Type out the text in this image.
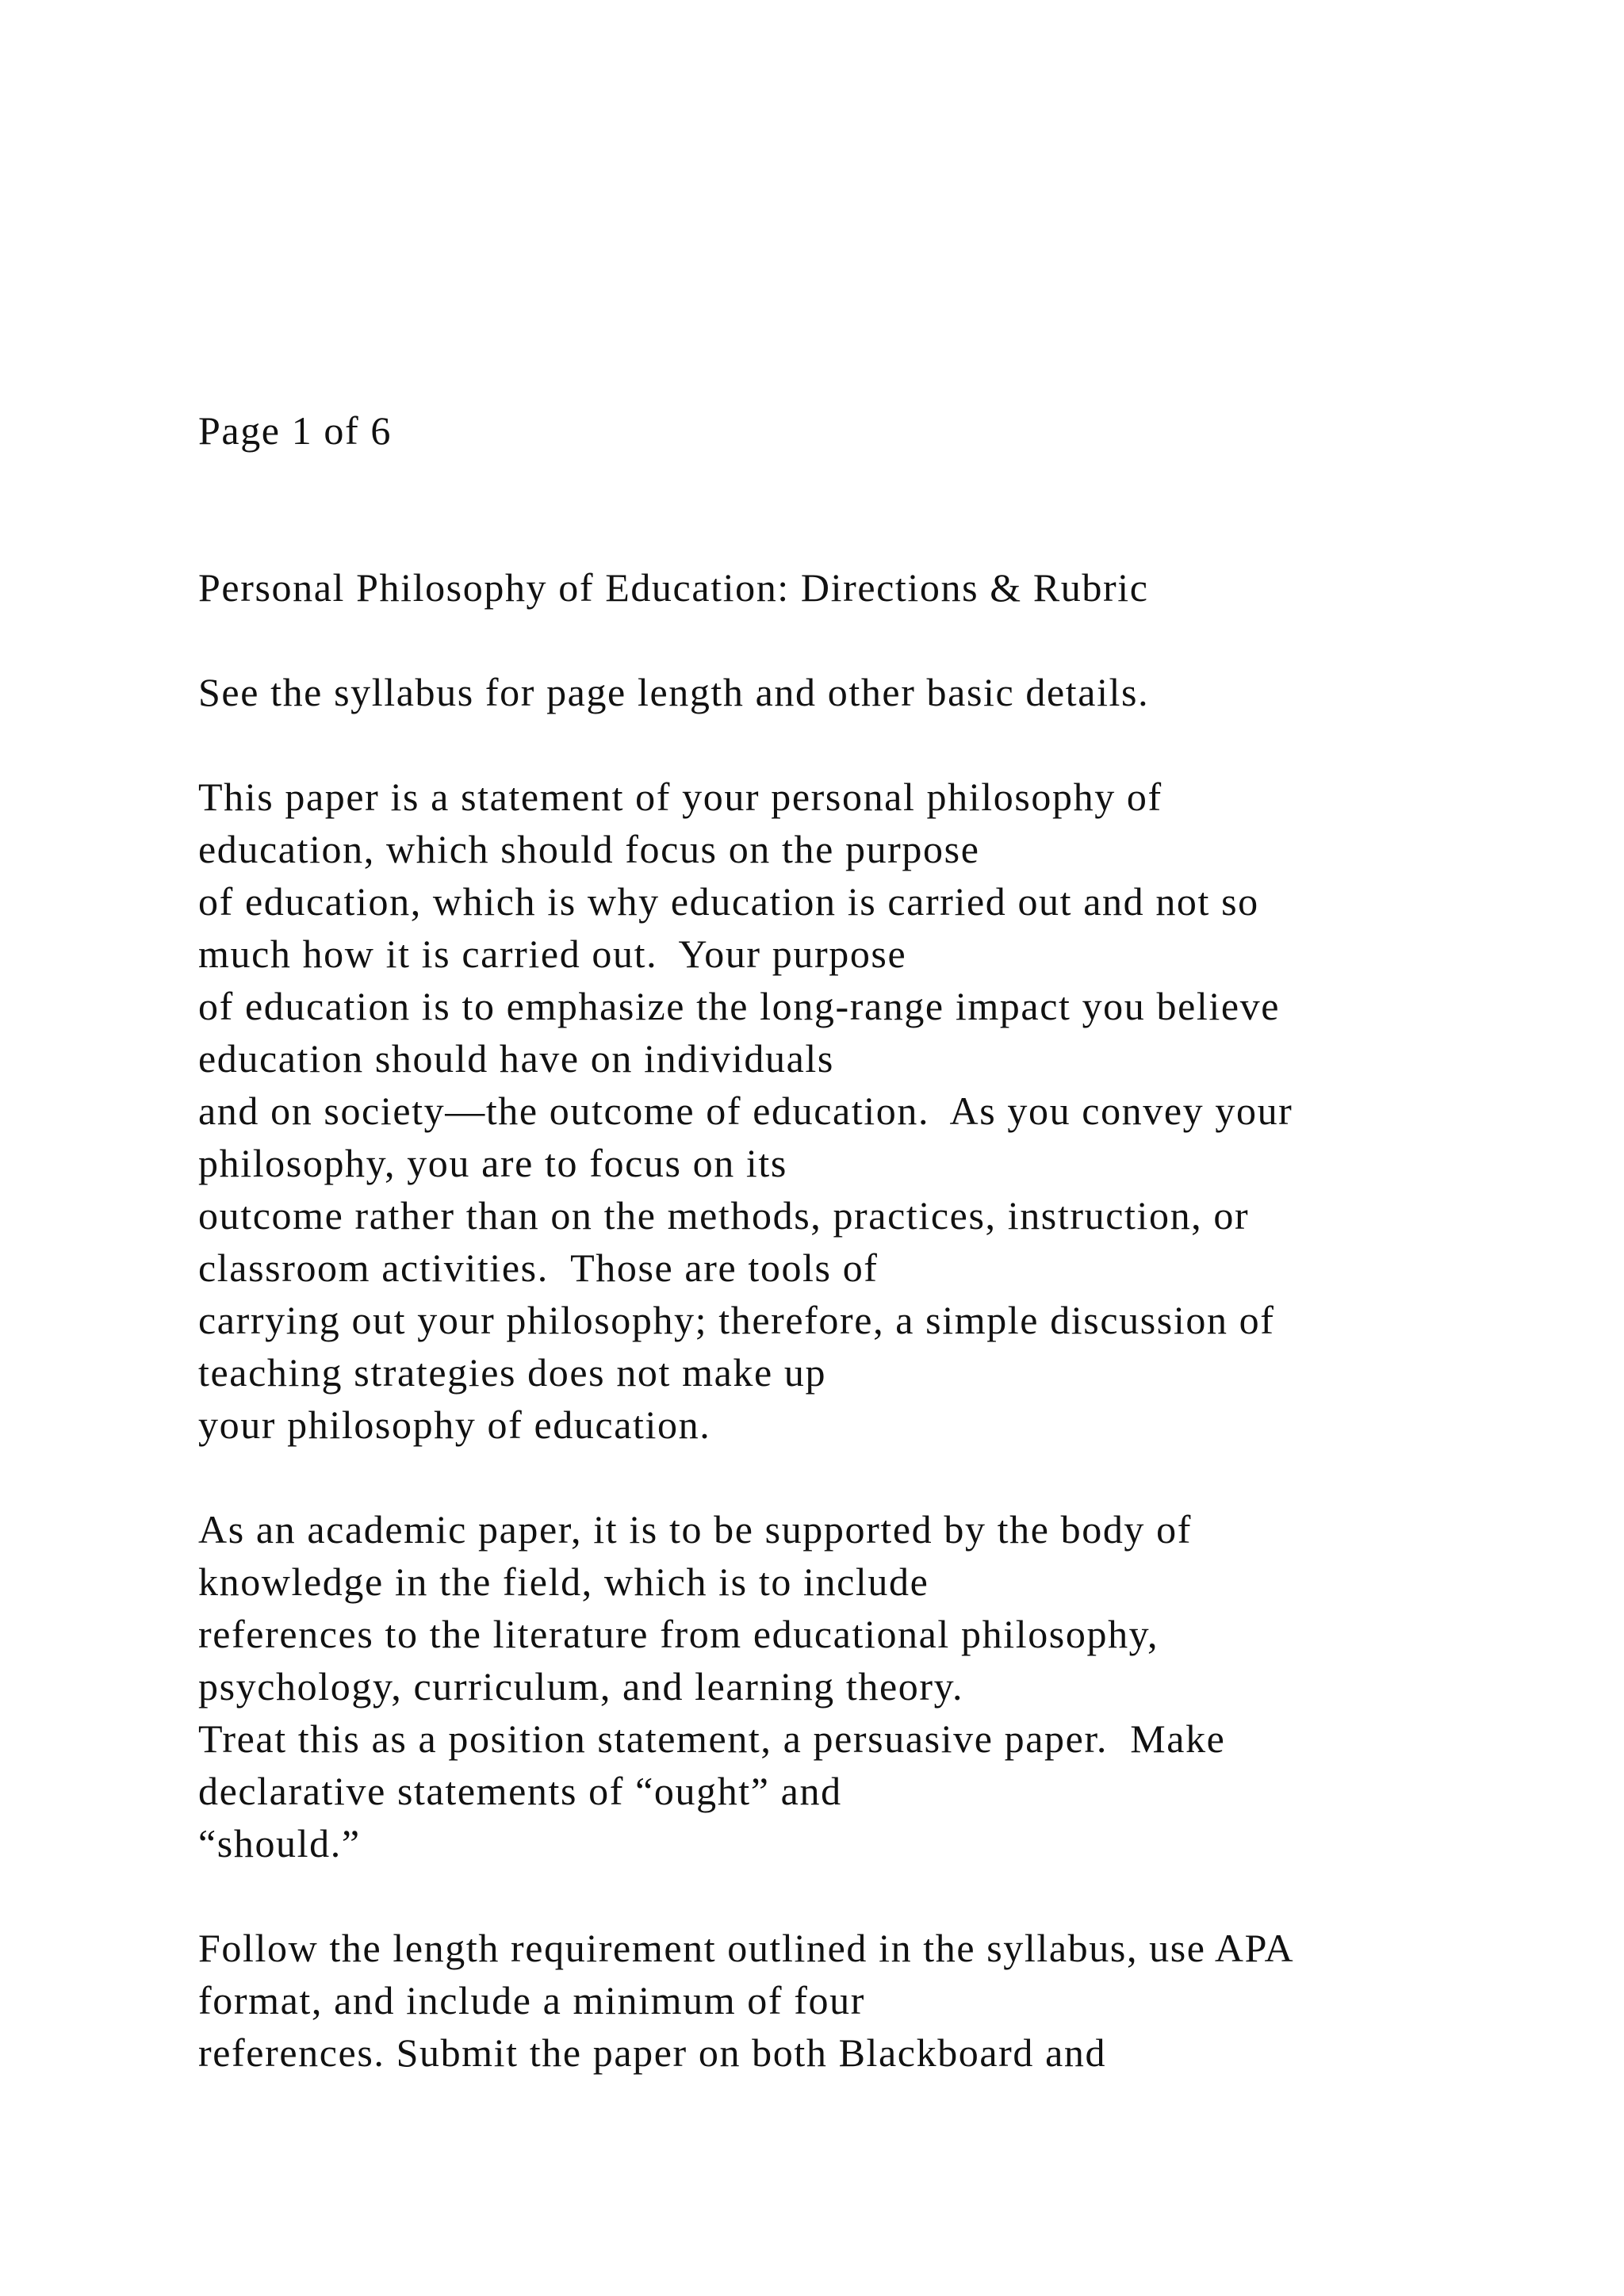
Page 1 of 6
Personal Philosophy of Education: Directions & Rubric
See the syllabus for page length and other basic details.
This paper is a statement of your personal philosophy of
education, which should focus on the purpose
of education, which is why education is carried out and not so
much how it is carried out.  Your purpose
of education is to emphasize the long-range impact you believe
education should have on individuals
and on society—the outcome of education.  As you convey your
philosophy, you are to focus on its
outcome rather than on the methods, practices, instruction, or
classroom activities.  Those are tools of
carrying out your philosophy; therefore, a simple discussion of
teaching strategies does not make up
your philosophy of education.
As an academic paper, it is to be supported by the body of
knowledge in the field, which is to include
references to the literature from educational philosophy,
psychology, curriculum, and learning theory.
Treat this as a position statement, a persuasive paper.  Make
declarative statements of “ought” and
“should.”
Follow the length requirement outlined in the syllabus, use APA
format, and include a minimum of four
references. Submit the paper on both Blackboard and
